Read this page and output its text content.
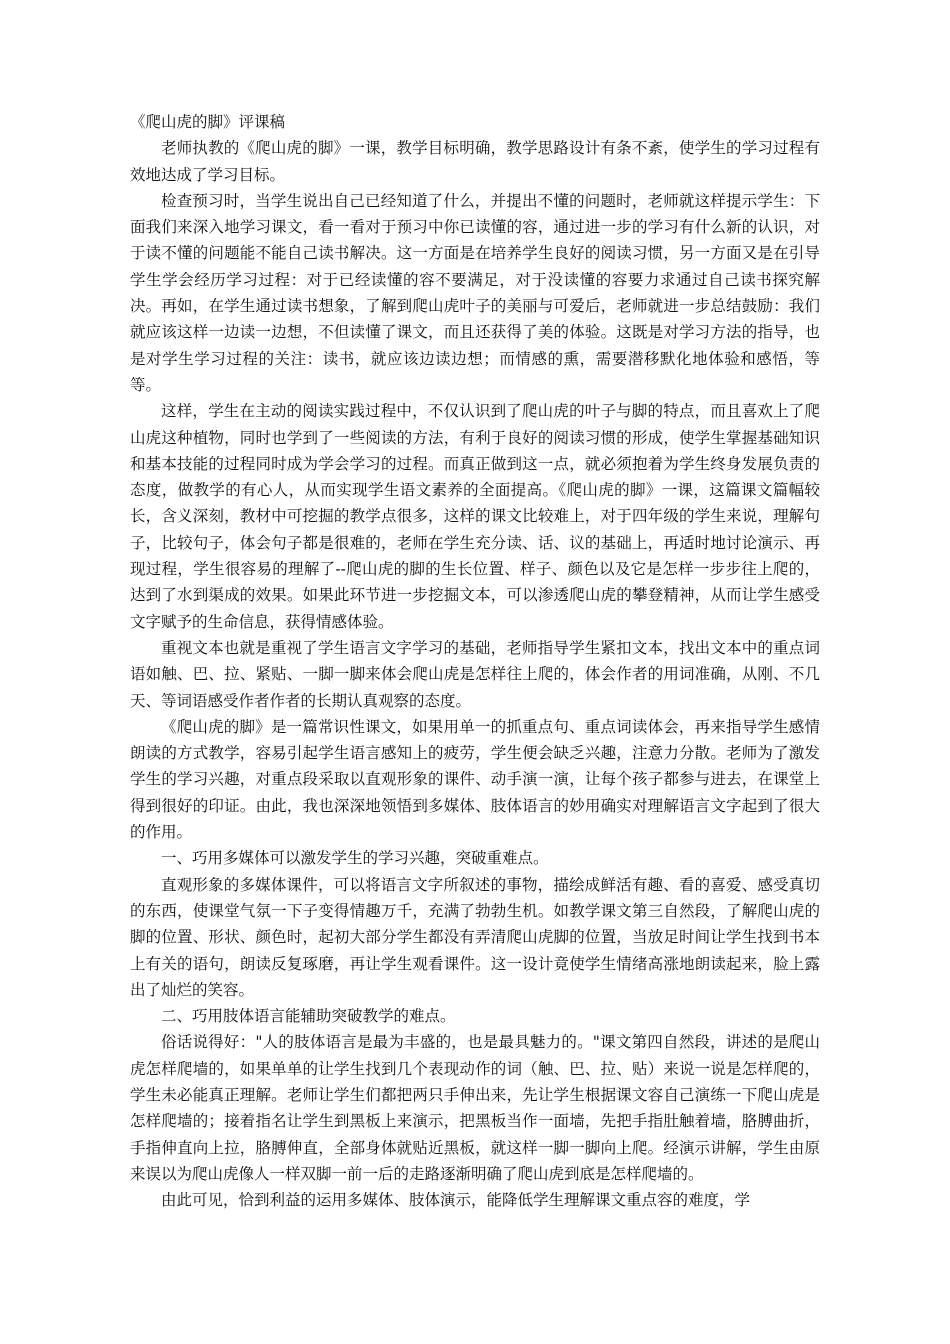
《爬山虎的脚》评课稿

老师执教的《爬山虎的脚》一课，教学目标明确，教学思路设计有条不紊，使学生的学习过程有效地达成了学习目标。

检查预习时，当学生说出自己已经知道了什么，并提出不懂的问题时，老师就这样提示学生：下面我们来深入地学习课文，看一看对于预习中你已读懂的容，通过进一步的学习有什么新的认识，对于读不懂的问题能不能自己读书解决。这一方面是在培养学生良好的阅读习惯，另一方面又是在引导学生学会经历学习过程：对于已经读懂的容不要满足，对于没读懂的容要力求通过自己读书探究解决。再如，在学生通过读书想象，了解到爬山虎叶子的美丽与可爱后，老师就进一步总结鼓励：我们就应该这样一边读一边想，不但读懂了课文，而且还获得了美的体验。这既是对学习方法的指导，也是对学生学习过程的关注：读书，就应该边读边想；而情感的熏，需要潜移默化地体验和感悟，等等。

这样，学生在主动的阅读实践过程中，不仅认识到了爬山虎的叶子与脚的特点，而且喜欢上了爬山虎这种植物，同时也学到了一些阅读的方法，有利于良好的阅读习惯的形成，使学生掌握基础知识和基本技能的过程同时成为学会学习的过程。而真正做到这一点，就必须抱着为学生终身发展负责的态度，做教学的有心人，从而实现学生语文素养的全面提高。《爬山虎的脚》一课，这篇课文篇幅较长，含义深刻，教材中可挖掘的教学点很多，这样的课文比较难上，对于四年级的学生来说，理解句子，比较句子，体会句子都是很难的，老师在学生充分读、话、议的基础上，再适时地讨论演示、再现过程，学生很容易的理解了--爬山虎的脚的生长位置、样子、颜色以及它是怎样一步步往上爬的，达到了水到渠成的效果。如果此环节进一步挖掘文本，可以渗透爬山虎的攀登精神，从而让学生感受文字赋予的生命信息，获得情感体验。

重视文本也就是重视了学生语言文字学习的基础，老师指导学生紧扣文本，找出文本中的重点词语如触、巴、拉、紧贴、一脚一脚来体会爬山虎是怎样往上爬的，体会作者的用词准确，从刚、不几天、等词语感受作者作者的长期认真观察的态度。

《爬山虎的脚》是一篇常识性课文，如果用单一的抓重点句、重点词读体会，再来指导学生感情朗读的方式教学，容易引起学生语言感知上的疲劳，学生便会缺乏兴趣，注意力分散。老师为了激发学生的学习兴趣，对重点段采取以直观形象的课件、动手演一演，让每个孩子都参与进去，在课堂上得到很好的印证。由此，我也深深地领悟到多媒体、肢体语言的妙用确实对理解语言文字起到了很大的作用。

一、巧用多媒体可以激发学生的学习兴趣，突破重难点。

直观形象的多媒体课件，可以将语言文字所叙述的事物，描绘成鲜活有趣、看的喜爱、感受真切的东西，使课堂气氛一下子变得情趣万千，充满了勃勃生机。如教学课文第三自然段，了解爬山虎的脚的位置、形状、颜色时，起初大部分学生都没有弄清爬山虎脚的位置，当放足时间让学生找到书本上有关的语句，朗读反复琢磨，再让学生观看课件。这一设计竟使学生情绪高涨地朗读起来，脸上露出了灿烂的笑容。

二、巧用肢体语言能辅助突破教学的难点。

俗话说得好："人的肢体语言是最为丰盛的，也是最具魅力的。"课文第四自然段，讲述的是爬山虎怎样爬墙的，如果单单的让学生找到几个表现动作的词（触、巴、拉、贴）来说一说是怎样爬的，学生未必能真正理解。老师让学生们都把两只手伸出来，先让学生根据课文容自己演练一下爬山虎是怎样爬墙的；接着指名让学生到黑板上来演示，把黑板当作一面墙，先把手指肚触着墙，胳膊曲折，手指伸直向上拉，胳膊伸直，全部身体就贴近黑板，就这样一脚一脚向上爬。经演示讲解，学生由原来误以为爬山虎像人一样双脚一前一后的走路逐渐明确了爬山虎到底是怎样爬墙的。

由此可见，恰到利益的运用多媒体、肢体演示，能降低学生理解课文重点容的难度，学
